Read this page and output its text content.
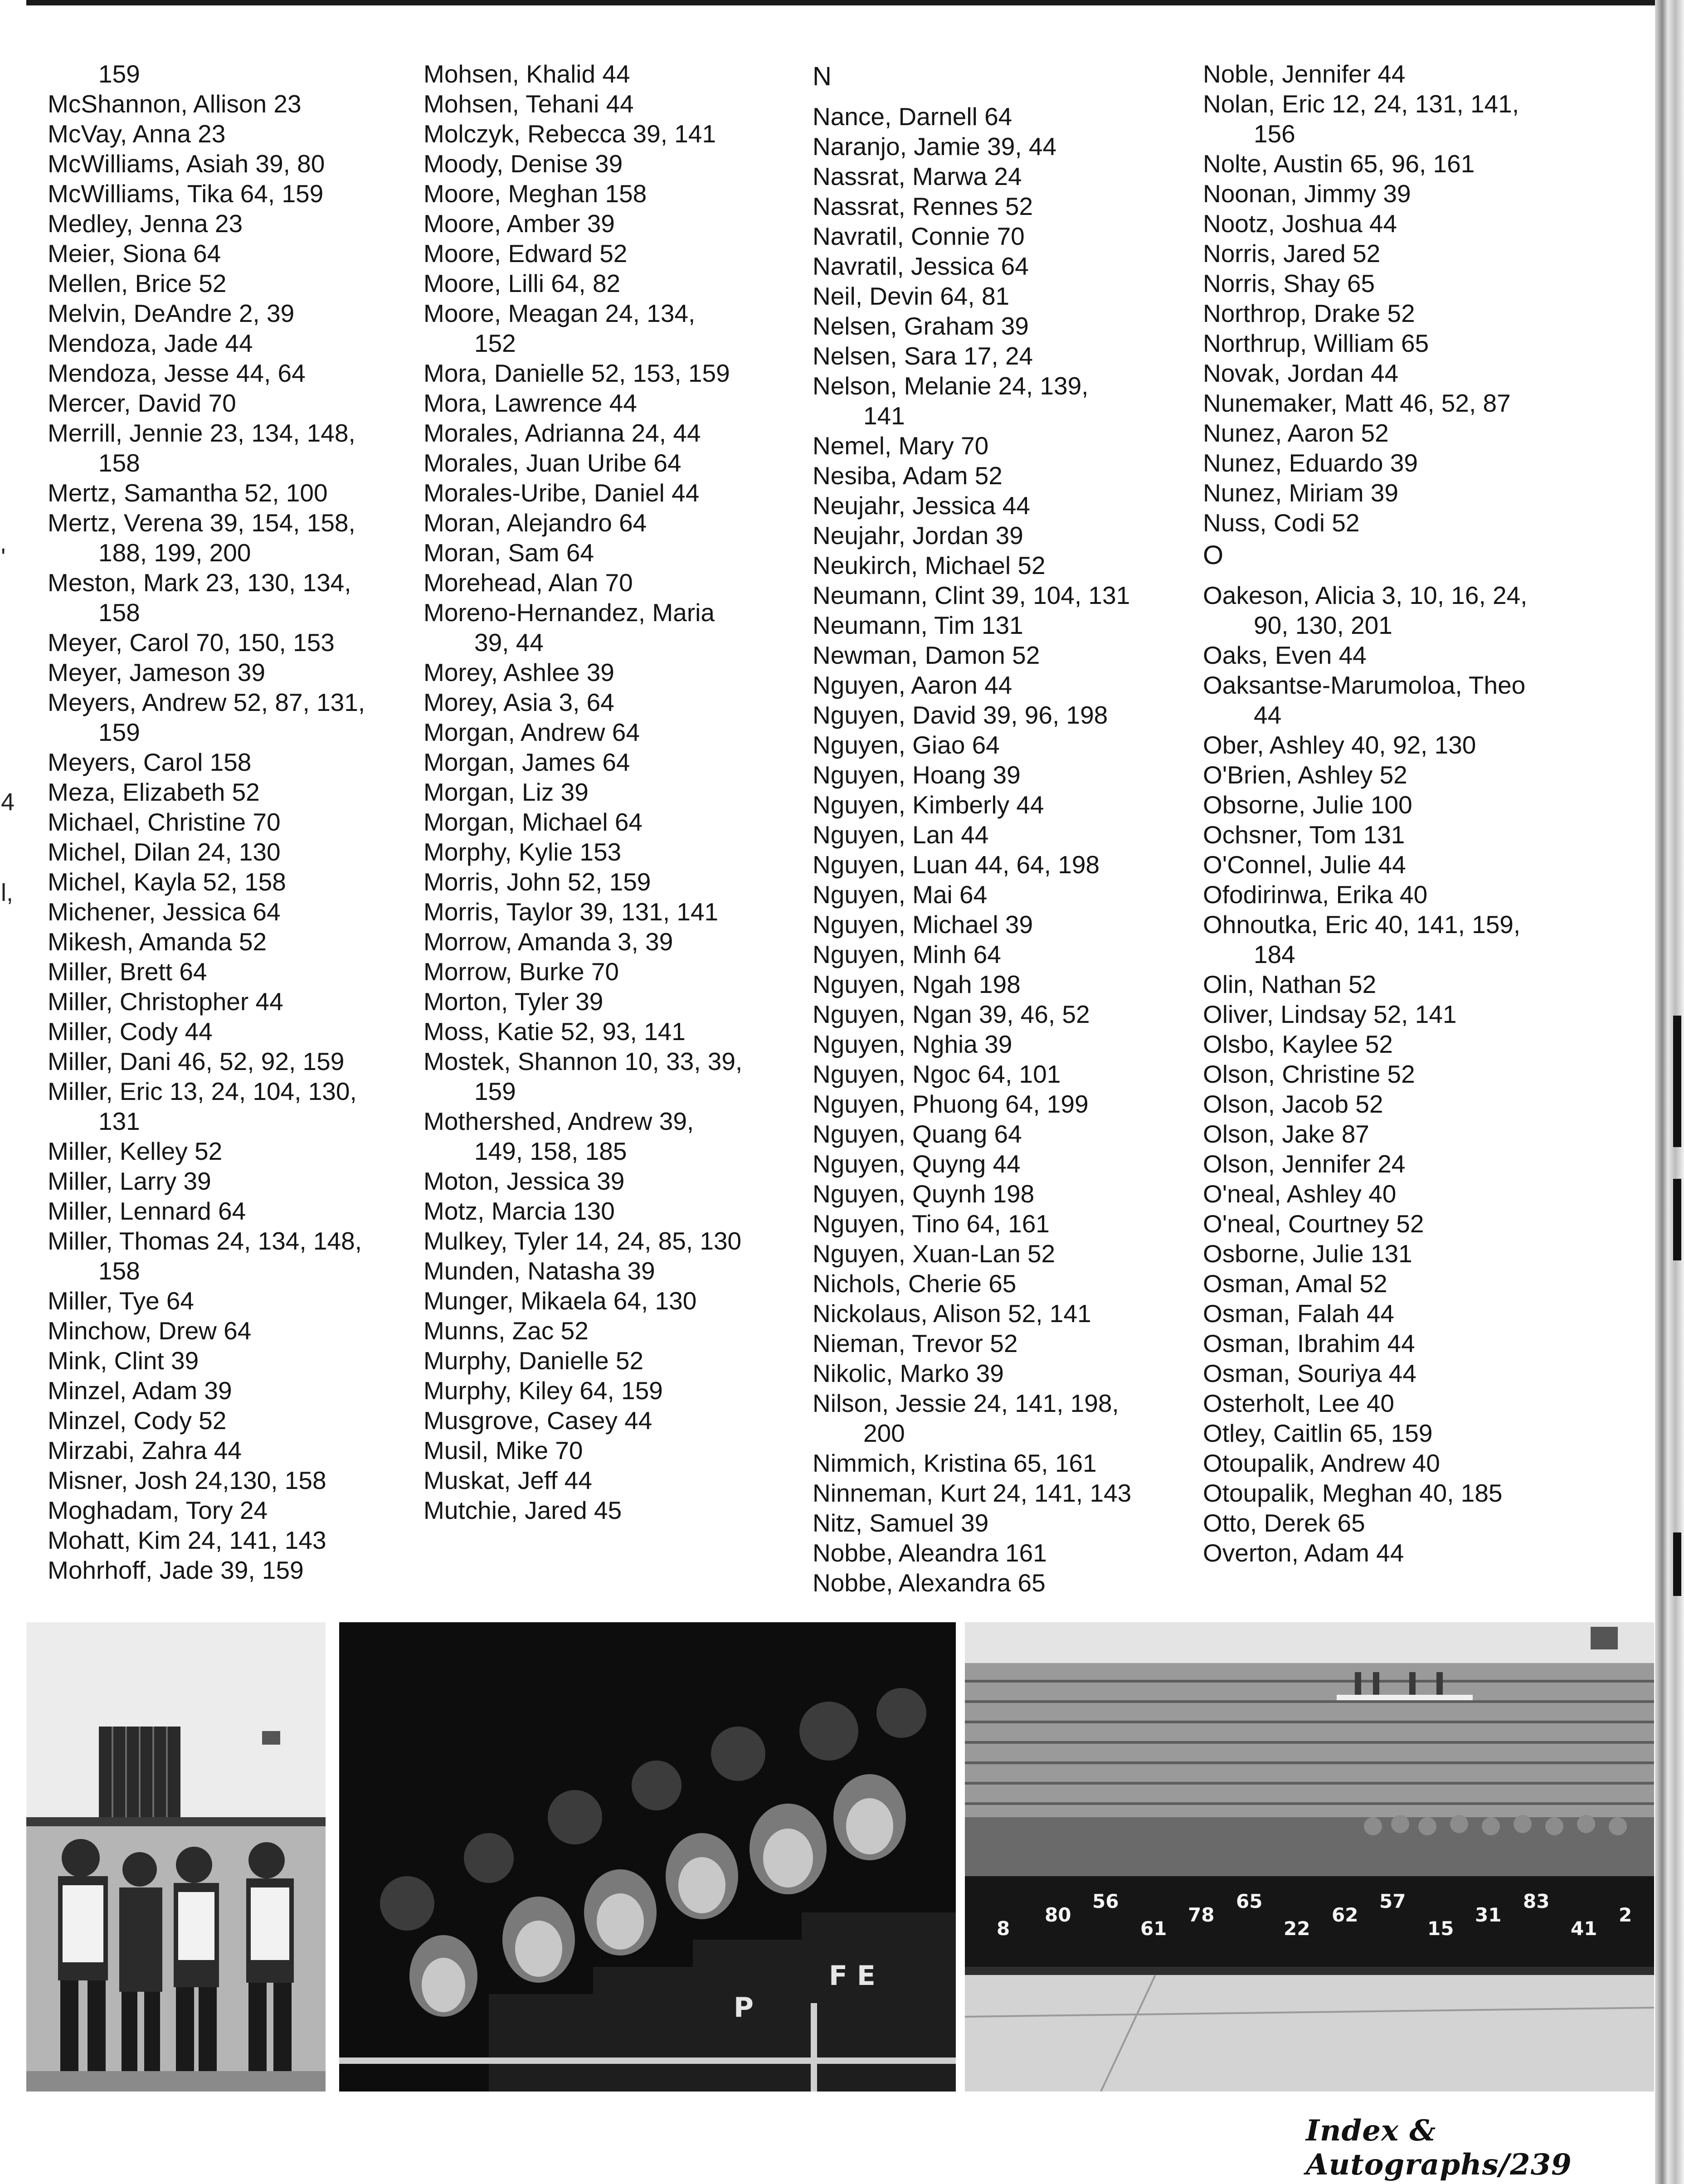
4
l,
'
159
McShannon, Allison 23
McVay, Anna 23
McWilliams, Asiah 39, 80
McWilliams, Tika 64, 159
Medley, Jenna 23
Meier, Siona 64
Mellen, Brice 52
Melvin, DeAndre 2, 39
Mendoza, Jade 44
Mendoza, Jesse 44, 64
Mercer, David 70
Merrill, Jennie 23, 134, 148,
158
Mertz, Samantha 52, 100
Mertz, Verena 39, 154, 158,
188, 199, 200
Meston, Mark 23, 130, 134,
158
Meyer, Carol 70, 150, 153
Meyer, Jameson 39
Meyers, Andrew 52, 87, 131,
159
Meyers, Carol 158
Meza, Elizabeth 52
Michael, Christine 70
Michel, Dilan 24, 130
Michel, Kayla 52, 158
Michener, Jessica 64
Mikesh, Amanda 52
Miller, Brett 64
Miller, Christopher 44
Miller, Cody 44
Miller, Dani 46, 52, 92, 159
Miller, Eric 13, 24, 104, 130,
131
Miller, Kelley 52
Miller, Larry 39
Miller, Lennard 64
Miller, Thomas 24, 134, 148,
158
Miller, Tye 64
Minchow, Drew 64
Mink, Clint 39
Minzel, Adam 39
Minzel, Cody 52
Mirzabi, Zahra 44
Misner, Josh 24,130, 158
Moghadam, Tory 24
Mohatt, Kim 24, 141, 143
Mohrhoff, Jade 39, 159
Mohsen, Khalid 44
Mohsen, Tehani 44
Molczyk, Rebecca 39, 141
Moody, Denise 39
Moore, Meghan 158
Moore, Amber 39
Moore, Edward 52
Moore, Lilli 64, 82
Moore, Meagan 24, 134,
152
Mora, Danielle 52, 153, 159
Mora, Lawrence 44
Morales, Adrianna 24, 44
Morales, Juan Uribe 64
Morales-Uribe, Daniel 44
Moran, Alejandro 64
Moran, Sam 64
Morehead, Alan 70
Moreno-Hernandez, Maria
39, 44
Morey, Ashlee 39
Morey, Asia 3, 64
Morgan, Andrew 64
Morgan, James 64
Morgan, Liz 39
Morgan, Michael 64
Morphy, Kylie 153
Morris, John 52, 159
Morris, Taylor 39, 131, 141
Morrow, Amanda 3, 39
Morrow, Burke 70
Morton, Tyler 39
Moss, Katie 52, 93, 141
Mostek, Shannon 10, 33, 39,
159
Mothershed, Andrew 39,
149, 158, 185
Moton, Jessica 39
Motz, Marcia 130
Mulkey, Tyler 14, 24, 85, 130
Munden, Natasha 39
Munger, Mikaela 64, 130
Munns, Zac 52
Murphy, Danielle 52
Murphy, Kiley 64, 159
Musgrove, Casey 44
Musil, Mike 70
Muskat, Jeff 44
Mutchie, Jared 45
N
Nance, Darnell 64
Naranjo, Jamie 39, 44
Nassrat, Marwa 24
Nassrat, Rennes 52
Navratil, Connie 70
Navratil, Jessica 64
Neil, Devin 64, 81
Nelsen, Graham 39
Nelsen, Sara 17, 24
Nelson, Melanie 24, 139,
141
Nemel, Mary 70
Nesiba, Adam 52
Neujahr, Jessica 44
Neujahr, Jordan 39
Neukirch, Michael 52
Neumann, Clint 39, 104, 131
Neumann, Tim 131
Newman, Damon 52
Nguyen, Aaron 44
Nguyen, David 39, 96, 198
Nguyen, Giao 64
Nguyen, Hoang 39
Nguyen, Kimberly 44
Nguyen, Lan 44
Nguyen, Luan 44, 64, 198
Nguyen, Mai 64
Nguyen, Michael 39
Nguyen, Minh 64
Nguyen, Ngah 198
Nguyen, Ngan 39, 46, 52
Nguyen, Nghia 39
Nguyen, Ngoc 64, 101
Nguyen, Phuong 64, 199
Nguyen, Quang 64
Nguyen, Quyng 44
Nguyen, Quynh 198
Nguyen, Tino 64, 161
Nguyen, Xuan-Lan 52
Nichols, Cherie 65
Nickolaus, Alison 52, 141
Nieman, Trevor 52
Nikolic, Marko 39
Nilson, Jessie 24, 141, 198,
200
Nimmich, Kristina 65, 161
Ninneman, Kurt 24, 141, 143
Nitz, Samuel 39
Nobbe, Aleandra 161
Nobbe, Alexandra 65
Noble, Jennifer 44
Nolan, Eric 12, 24, 131, 141,
156
Nolte, Austin 65, 96, 161
Noonan, Jimmy 39
Nootz, Joshua 44
Norris, Jared 52
Norris, Shay 65
Northrop, Drake 52
Northrup, William 65
Novak, Jordan 44
Nunemaker, Matt 46, 52, 87
Nunez, Aaron 52
Nunez, Eduardo 39
Nunez, Miriam 39
Nuss, Codi 52
O
Oakeson, Alicia 3, 10, 16, 24,
90, 130, 201
Oaks, Even 44
Oaksantse-Marumoloa, Theo
44
Ober, Ashley 40, 92, 130
O'Brien, Ashley 52
Obsorne, Julie 100
Ochsner, Tom 131
O'Connel, Julie 44
Ofodirinwa, Erika 40
Ohnoutka, Eric 40, 141, 159,
184
Olin, Nathan 52
Oliver, Lindsay 52, 141
Olsbo, Kaylee 52
Olson, Christine 52
Olson, Jacob 52
Olson, Jake 87
Olson, Jennifer 24
O'neal, Ashley 40
O'neal, Courtney 52
Osborne, Julie 131
Osman, Amal 52
Osman, Falah 44
Osman, Ibrahim 44
Osman, Souriya 44
Osterholt, Lee 40
Otley, Caitlin 65, 159
Otoupalik, Andrew 40
Otoupalik, Meghan 40, 185
Otto, Derek 65
Overton, Adam 44
P
F E
8
80
56
61
78
65
22
62
57
15
31
83
41
2
Index & Autographs/239
